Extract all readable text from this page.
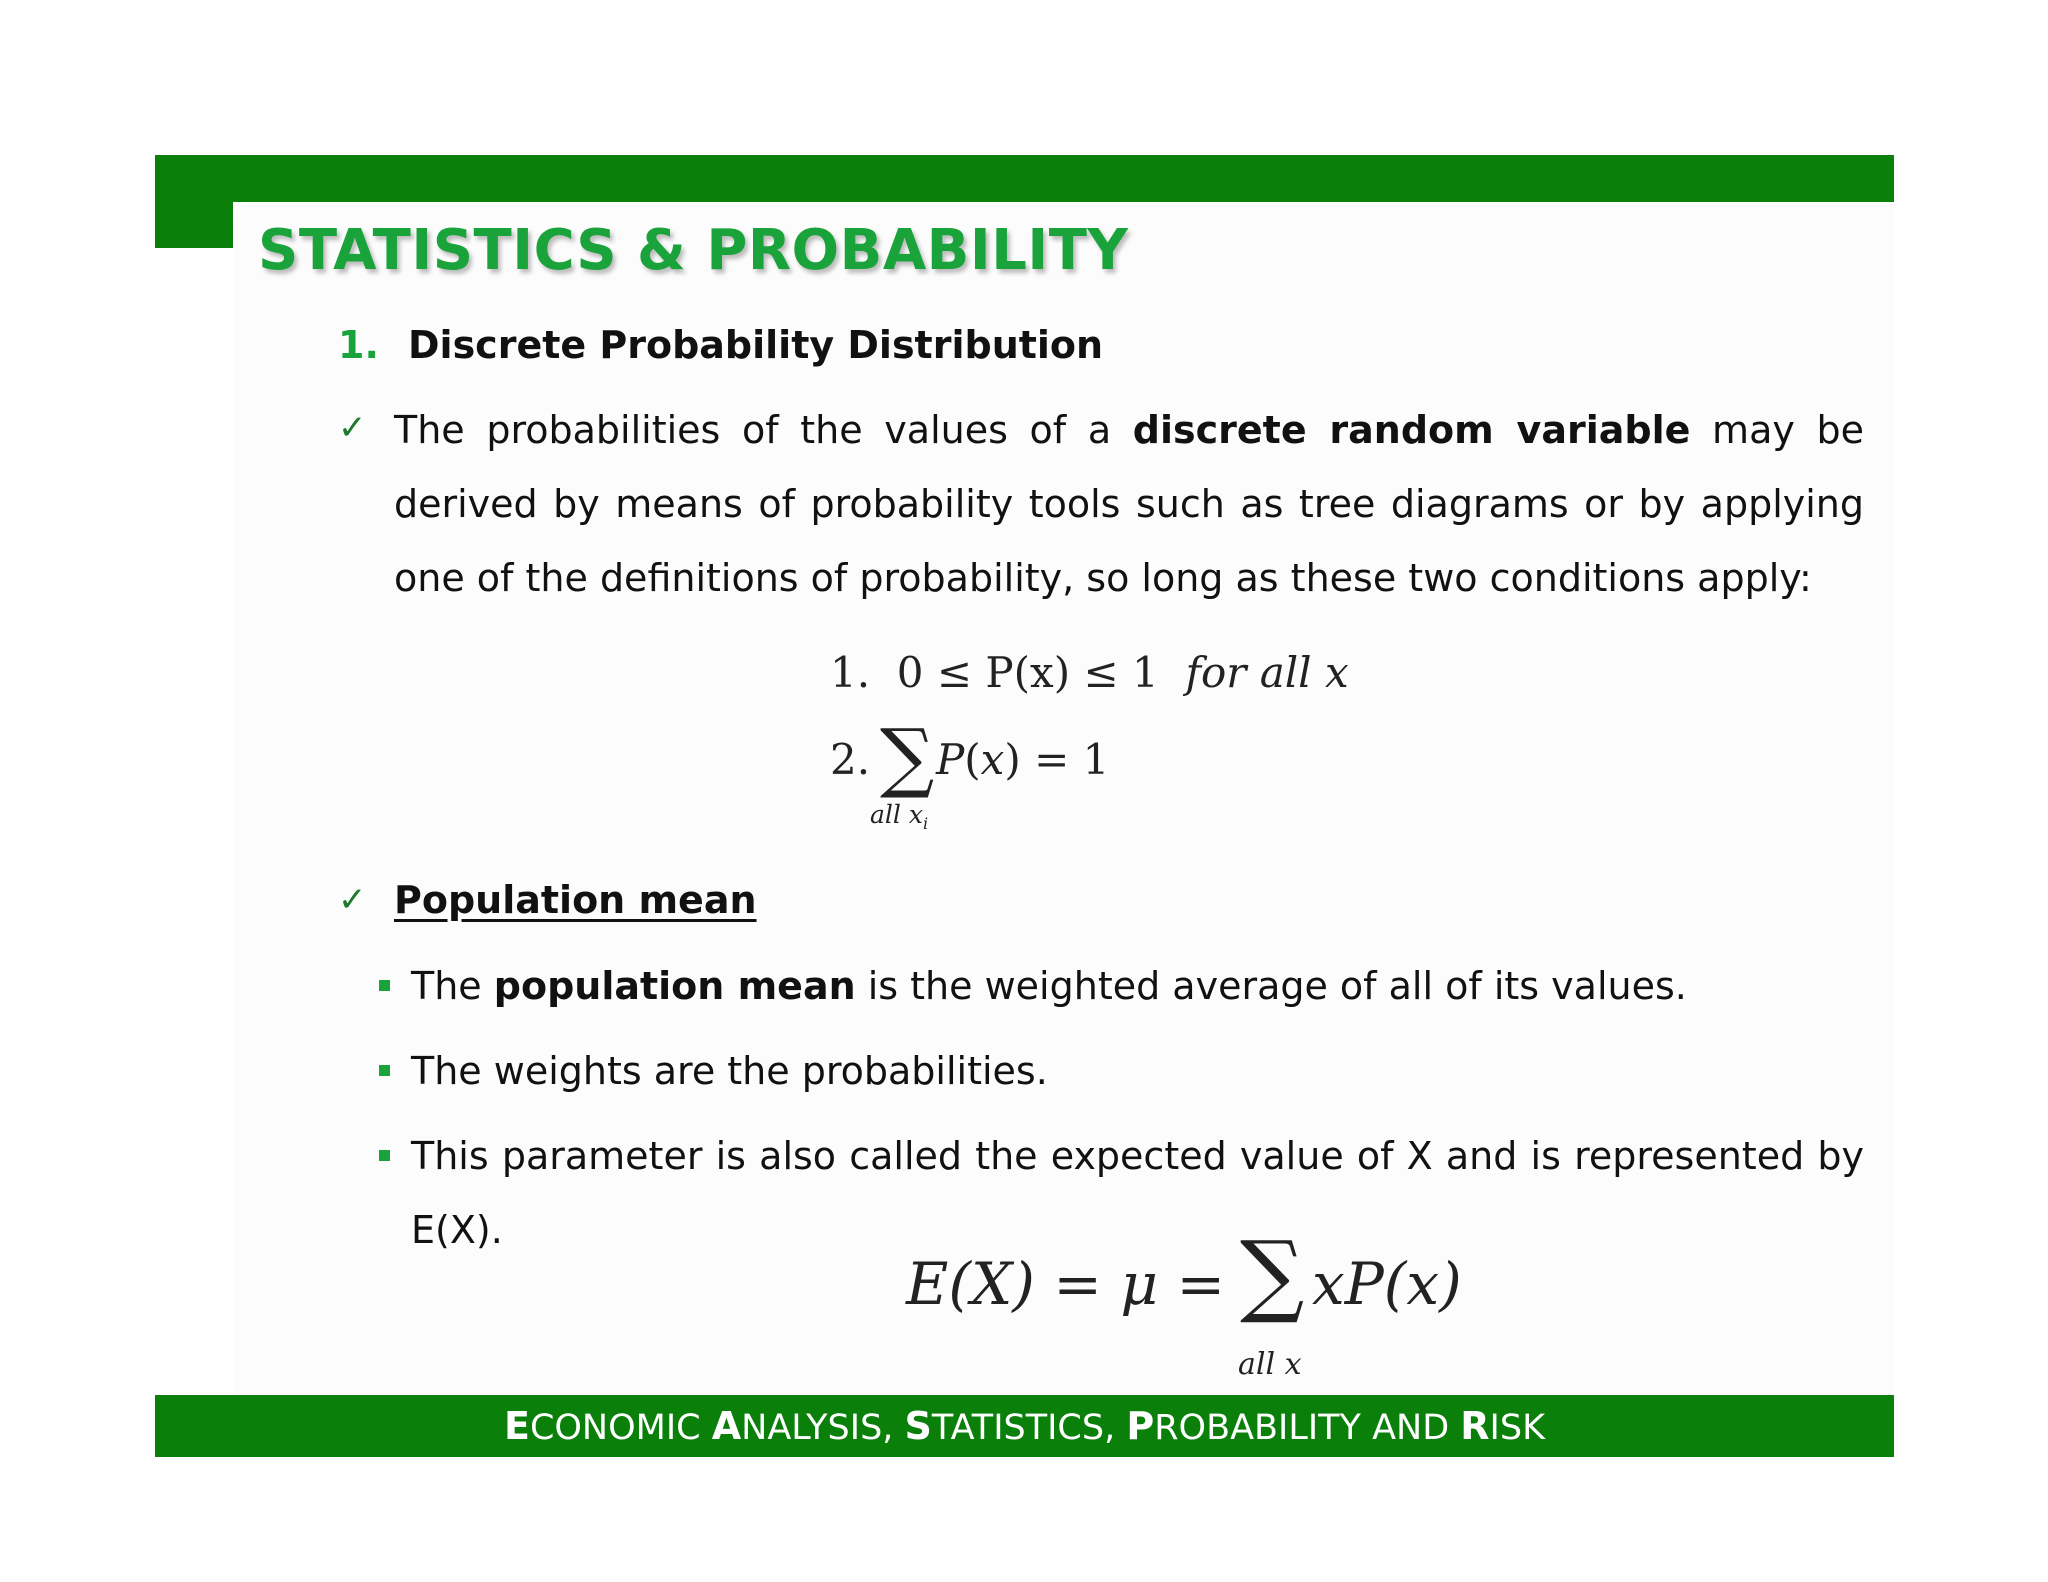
STATISTICS & PROBABILITY
1. Discrete Probability Distribution
✓ The probabilities of the values of a discrete random variable may be derived by means of probability tools such as tree diagrams or by applying one of the definitions of probability, so long as these two conditions apply:
1. 0 ≤ P(x) ≤ 1 for all x
2. ∑ P(x) = 1
all $x_i$
✓ Population mean
The population mean is the weighted average of all of its values.
The weights are the probabilities.
This parameter is also called the expected value of X and is represented by
E(X).
E(X) = μ = ∑ xP(x)
all x
ECONOMIC ANALYSIS, STATISTICS, PROBABILITY AND RISK
